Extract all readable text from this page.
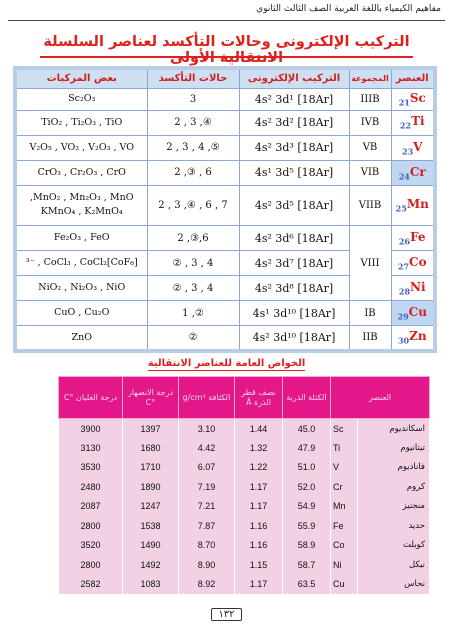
مفاهيم الكيمياء باللغة العربية الصف الثالث الثانوي
التركيب الإلكترونى وحالات التأكسد لعناصر السلسلة الانتقالية الأولى
العنصر	المجموعة	التركيب الإلكترونى	حالات التأكسد	بعض المركبات
$_{21}$Sc	IIIB	[18Ar] 4s² 3d¹	3	Sc₂O₃
$_{22}$Ti	IVB	[18Ar] 4s² 3d²	④, 3 , 2	TiO₂ , Ti₂O₃ , TiO
$_{23}$V	VB	[18Ar] 4s² 3d³	⑤, 4 , 3 , 2	V₂O₅ , VO₂ , V₂O₃ , VO
$_{24}$Cr	VIB	[18Ar] 4s¹ 3d⁵	6 , ③, 2	CrO₃ , Cr₂O₃ , CrO
$_{25}$Mn	VIIB	[18Ar] 4s² 3d⁵	7 , 6 , ④, 3 , 2	MnO₂ , Mn₂O₃ , MnO,
KMnO₄ , K₂MnO₄
$_{26}$Fe	VIII	[18Ar] 4s² 3d⁶	6,③, 2	Fe₂O₃ , FeO
$_{27}$Co		[18Ar] 4s² 3d⁷	4 , 3 , ②	[CoF₆]³⁻ , CoCl₃ , CoCl₂
$_{28}$Ni		[18Ar] 4s² 3d⁸	4 , 3 , ②	NiO₂ , Ni₂O₃ , NiO
$_{29}$Cu	IB	[18Ar] 4s¹ 3d¹⁰	②, 1	CuO , Cu₂O
$_{30}$Zn	IIB	[18Ar] 4s² 3d¹⁰	②	ZnO
الخواص العامة للعناصر الانتقالية
العنصر		الكتلة الذرية	نصف قطر الذرة Å	الكثافة g/cm³	درجة الانصهار °C	درجة الغليان °C
اسكانديوم	Sc	45.0	1.44	3.10	1397	3900
تيتانيوم	Ti	47.9	1.32	4.42	1680	3130
فاناديوم	V	51.0	1.22	6.07	1710	3530
كروم	Cr	52.0	1.17	7.19	1890	2480
منجنيز	Mn	54.9	1.17	7.21	1247	2087
حديد	Fe	55.9	1.16	7.87	1538	2800
كوبلت	Co	58.9	1.16	8.70	1490	3520
نيكل	Ni	58.7	1.15	8.90	1492	2800
نحاس	Cu	63.5	1.17	8.92	1083	2582
١٣٢
